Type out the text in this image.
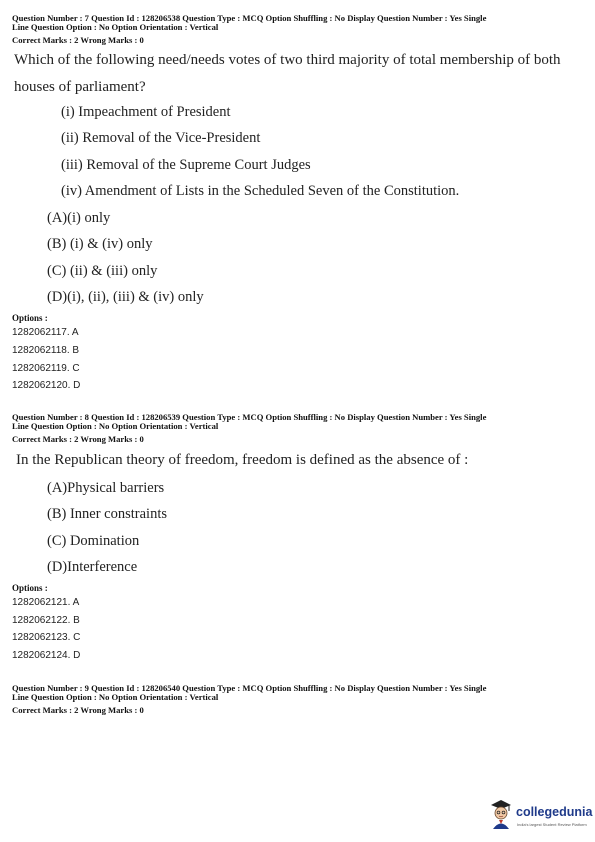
Question Number : 7 Question Id : 128206538 Question Type : MCQ Option Shuffling : No Display Question Number : Yes Single
Line Question Option : No Option Orientation : Vertical
Correct Marks : 2 Wrong Marks : 0
Which of the following need/needs votes of two third majority of total membership of both
houses of parliament?
(i) Impeachment of President
(ii) Removal of the Vice-President
(iii) Removal of the Supreme Court Judges
(iv) Amendment of Lists in the Scheduled Seven of the Constitution.
(A)(i) only
(B) (i) & (iv) only
(C) (ii) & (iii) only
(D)(i), (ii), (iii) & (iv) only
Options :
1282062117. A
1282062118. B
1282062119. C
1282062120. D
Question Number : 8 Question Id : 128206539 Question Type : MCQ Option Shuffling : No Display Question Number : Yes Single
Line Question Option : No Option Orientation : Vertical
Correct Marks : 2 Wrong Marks : 0
In the Republican theory of freedom, freedom is defined as the absence of :
(A)Physical barriers
(B) Inner constraints
(C) Domination
(D)Interference
Options :
1282062121. A
1282062122. B
1282062123. C
1282062124. D
Question Number : 9 Question Id : 128206540 Question Type : MCQ Option Shuffling : No Display Question Number : Yes Single
Line Question Option : No Option Orientation : Vertical
Correct Marks : 2 Wrong Marks : 0
collegedunia
India's largest Student Review Platform
